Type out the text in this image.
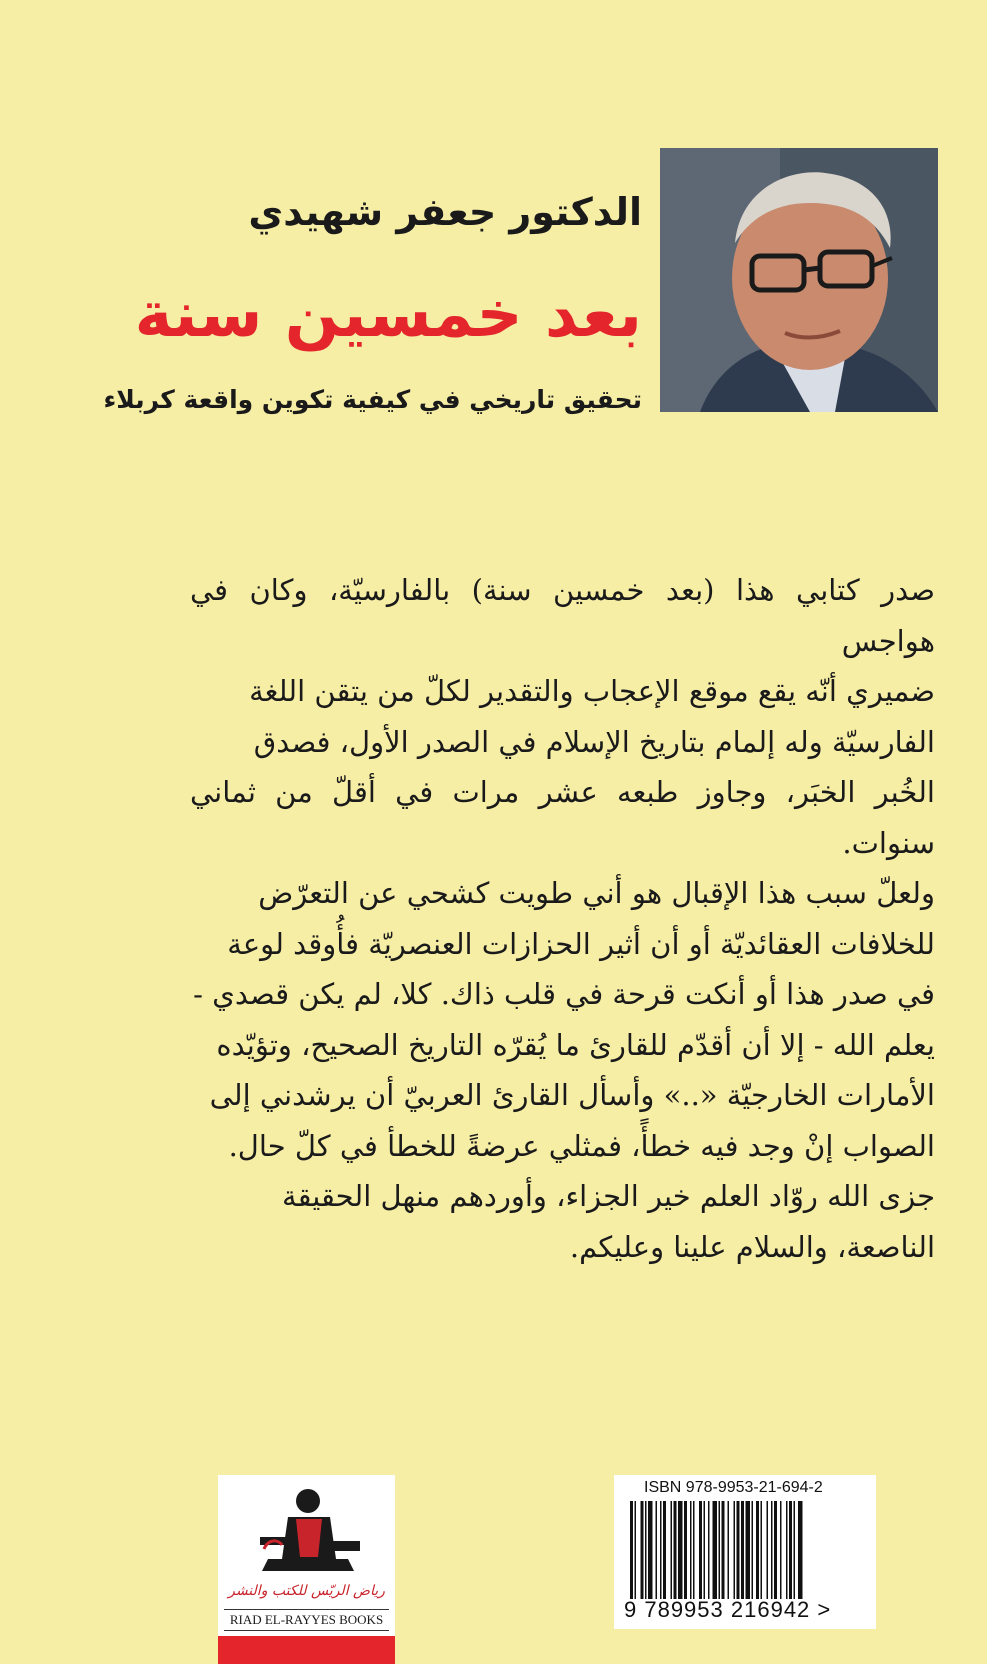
الدكتور جعفر شهيدي
بعد خمسين سنة
تحقيق تاريخي في كيفية تكوين واقعة كربلاء

صدر كتابي هذا (بعد خمسين سنة) بالفارسيّة، وكان في هواجس

ضميري أنّه يقع موقع الإعجاب والتقدير لكلّ من يتقن اللغة

الفارسيّة وله إلمام بتاريخ الإسلام في الصدر الأول، فصدق

الخُبر الخبَر، وجاوز طبعه عشر مرات في أقلّ من ثماني سنوات.

ولعلّ سبب هذا الإقبال هو أني طويت كشحي عن التعرّض

للخلافات العقائديّة أو أن أثير الحزازات العنصريّة فأُوقد لوعة

في صدر هذا أو أنكت قرحة في قلب ذاك. كلا، لم يكن قصدي -

يعلم الله - إلا أن أقدّم للقارئ ما يُقرّه التاريخ الصحيح، وتؤيّده

الأمارات الخارجيّة «..» وأسأل القارئ العربيّ أن يرشدني إلى

الصواب إنْ وجد فيه خطأً، فمثلي عرضةً للخطأ في كلّ حال.

جزى الله روّاد العلم خير الجزاء، وأوردهم منهل الحقيقة

الناصعة، والسلام علينا وعليكم.

رياض الريّس للكتب والنشر
RIAD EL-RAYYES BOOKS
ISBN 978-9953-21-694-2
9 789953 216942 >
